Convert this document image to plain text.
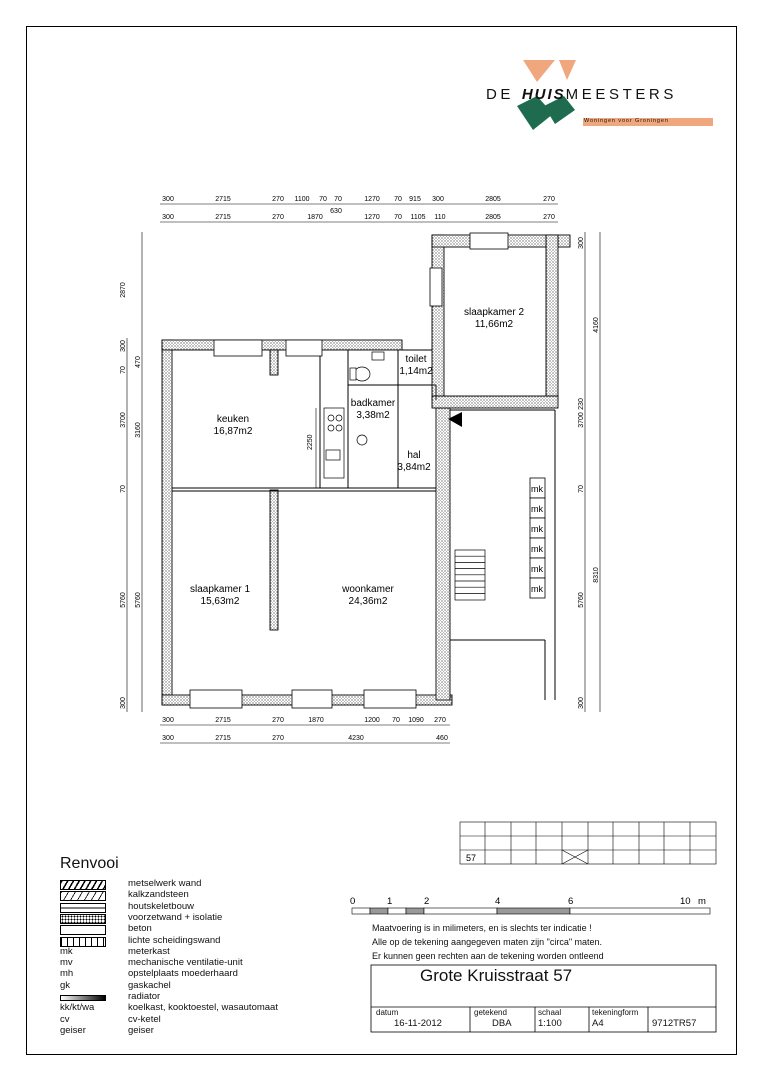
DE HUISMEESTERS
Woningen voor Groningen
300	2715	270 1100 70 70	1270 70 915 300	2805	270
300	2715	270	1870	1270 70 1105 110	2805	270
300	2715	270	1870	1200 70 1090 270
300	2715	270	4230	460
2870
300
70
3700
70
5760
300
470
3160
5760
300
230
3700
70
5760
300
4160
8310
630
mk
mk
mk
mk
mk
mk
2250
slaapkamer 2
11,66m2
toilet
1,14m2
badkamer
3,38m2
keuken
16,87m2
hal
3,84m2
slaapkamer 1
15,63m2
woonkamer
24,36m2
57
Renvooi
metselwerk wand
kalkzandsteen
houtskeletbouw
voorzetwand + isolatie
beton
lichte scheidingswand
mk	meterkast
mv	mechanische ventilatie-unit
mh	opstelplaats moederhaard
gk	gaskachel
radiator
kk/kt/wa	koelkast, kooktoestel, wasautomaat
cv	cv-ketel
geiser	geiser
0	1	2	4	6	10 m
Maatvoering is in milimeters, en is slechts ter indicatie !
Alle op de tekening aangegeven maten zijn "circa" maten.
Er kunnen geen rechten aan de tekening worden ontleend
Grote Kruisstraat 57
datum
16-11-2012
getekend
DBA
schaal
1:100
tekeningform
A4	9712TR57
